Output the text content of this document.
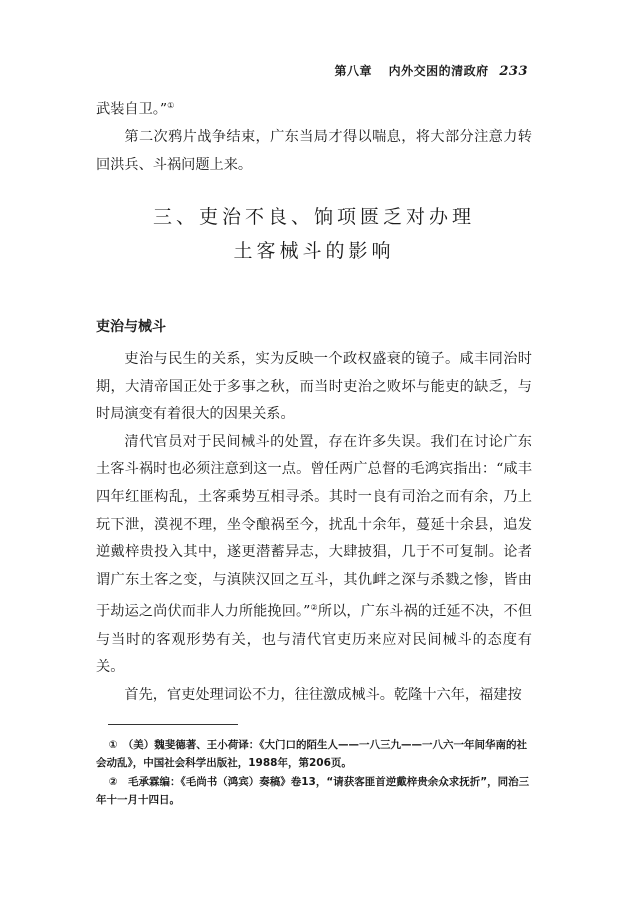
第八章 内外交困的清政府 233

武装自卫。”①

第二次鸦片战争结束，广东当局才得以喘息，将大部分注意力转回洪兵、斗祸问题上来。

三、吏治不良、饷项匮乏对办理
土客械斗的影响
吏治与械斗

吏治与民生的关系，实为反映一个政权盛衰的镜子。咸丰同治时期，大清帝国正处于多事之秋，而当时吏治之败坏与能吏的缺乏，与时局演变有着很大的因果关系。

清代官员对于民间械斗的处置，存在许多失误。我们在讨论广东土客斗祸时也必须注意到这一点。曾任两广总督的毛鸿宾指出：“咸丰四年红匪构乱，土客乘势互相寻杀。其时一良有司治之而有余，乃上玩下泄，漠视不理，坐令酿祸至今，扰乱十余年，蔓延十余县，追发逆戴梓贵投入其中，遂更潜蓄异志，大肆披猖，几于不可复制。论者谓广东土客之变，与滇陕汉回之互斗，其仇衅之深与杀戮之惨，皆由于劫运之尚伏而非人力所能挽回。”②所以，广东斗祸的迁延不决，不但与当时的客观形势有关，也与清代官吏历来应对民间械斗的态度有关。

首先，官吏处理词讼不力，往往激成械斗。乾隆十六年，福建按

①　（美）魏斐德著、王小荷译：《大门口的陌生人——一八三九——一八六一年间华南的社会动乱》，中国社会科学出版社，1988年，第206页。

②　毛承霖编：《毛尚书（鸿宾）奏稿》卷13，“请获客匪首逆戴梓贵余众求抚折”，同治三年十一月十四日。
